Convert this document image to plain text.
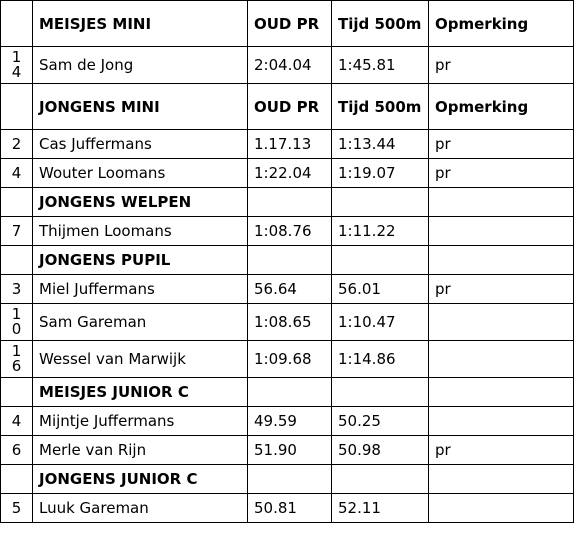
	MEISJES MINI	OUD PR	Tijd 500m	Opmerking
14	Sam de Jong	2:04.04	1:45.81	pr
	JONGENS MINI	OUD PR	Tijd 500m	Opmerking
2	Cas Juffermans	1.17.13	1:13.44	pr
4	Wouter Loomans	1:22.04	1:19.07	pr
	JONGENS WELPEN			
7	Thijmen Loomans	1:08.76	1:11.22	
	JONGENS PUPIL			
3	Miel Juffermans	56.64	56.01	pr
10	Sam Gareman	1:08.65	1:10.47	
16	Wessel van Marwijk	1:09.68	1:14.86	
	MEISJES JUNIOR C			
4	Mijntje Juffermans	49.59	50.25	
6	Merle van Rijn	51.90	50.98	pr
	JONGENS JUNIOR C			
5	Luuk Gareman	50.81	52.11	
